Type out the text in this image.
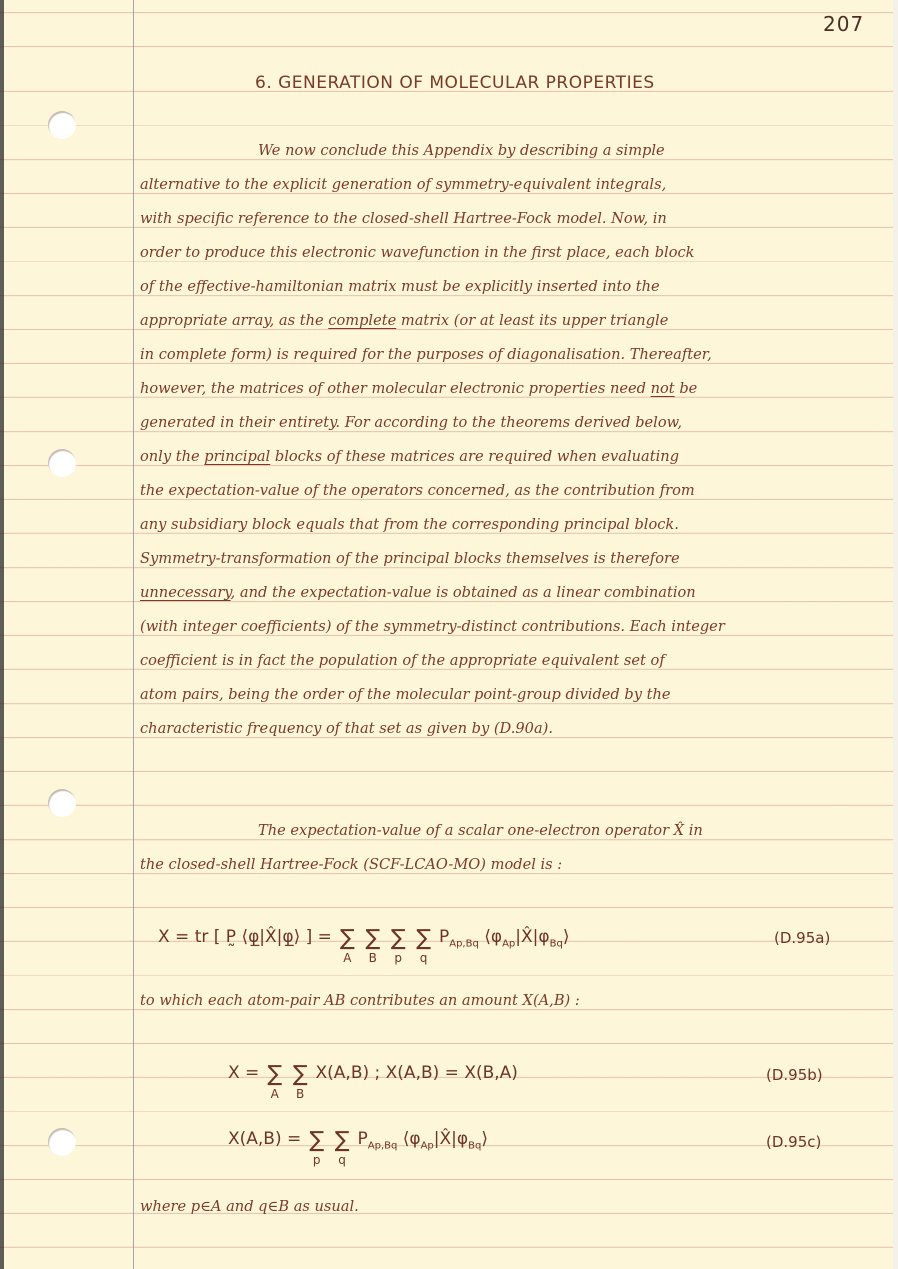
207
6. GENERATION OF MOLECULAR PROPERTIES
We now conclude this Appendix by describing a simple
alternative to the explicit generation of symmetry-equivalent integrals,
with specific reference to the closed-shell Hartree-Fock model. Now, in
order to produce this electronic wavefunction in the first place, each block
of the effective-hamiltonian matrix must be explicitly inserted into the
appropriate array, as the complete matrix (or at least its upper triangle
in complete form) is required for the purposes of diagonalisation. Thereafter,
however, the matrices of other molecular electronic properties need not be
generated in their entirety. For according to the theorems derived below,
only the principal blocks of these matrices are required when evaluating
the expectation-value of the operators concerned, as the contribution from
any subsidiary block equals that from the corresponding principal block.
Symmetry-transformation of the principal blocks themselves is therefore
unnecessary, and the expectation-value is obtained as a linear combination
(with integer coefficients) of the symmetry-distinct contributions. Each integer
coefficient is in fact the population of the appropriate equivalent set of
atom pairs, being the order of the molecular point-group divided by the
characteristic frequency of that set as given by (D.90a).
The expectation-value of a scalar one-electron operator X̂ in
the closed-shell Hartree-Fock (SCF-LCAO-MO) model is :
X = tr [ P̰ ⟨φ̲|X̂|φ̲⟩ ] = ∑
A
∑
B
∑
p
∑
q
$P_{Ap,Bq}$ $⟨\varphi_{Ap}|X̂|\varphi_{Bq}⟩$	(D.95a)
to which each atom-pair AB contributes an amount X(A,B) :
X = ∑
A
∑
B
X(A,B) ; X(A,B) = X(B,A)	(D.95b)
X(A,B) = ∑
p
∑
q
$P_{Ap,Bq}$ $⟨\varphi_{Ap}|X̂|\varphi_{Bq}⟩$	(D.95c)
where p∈A and q∈B as usual.
